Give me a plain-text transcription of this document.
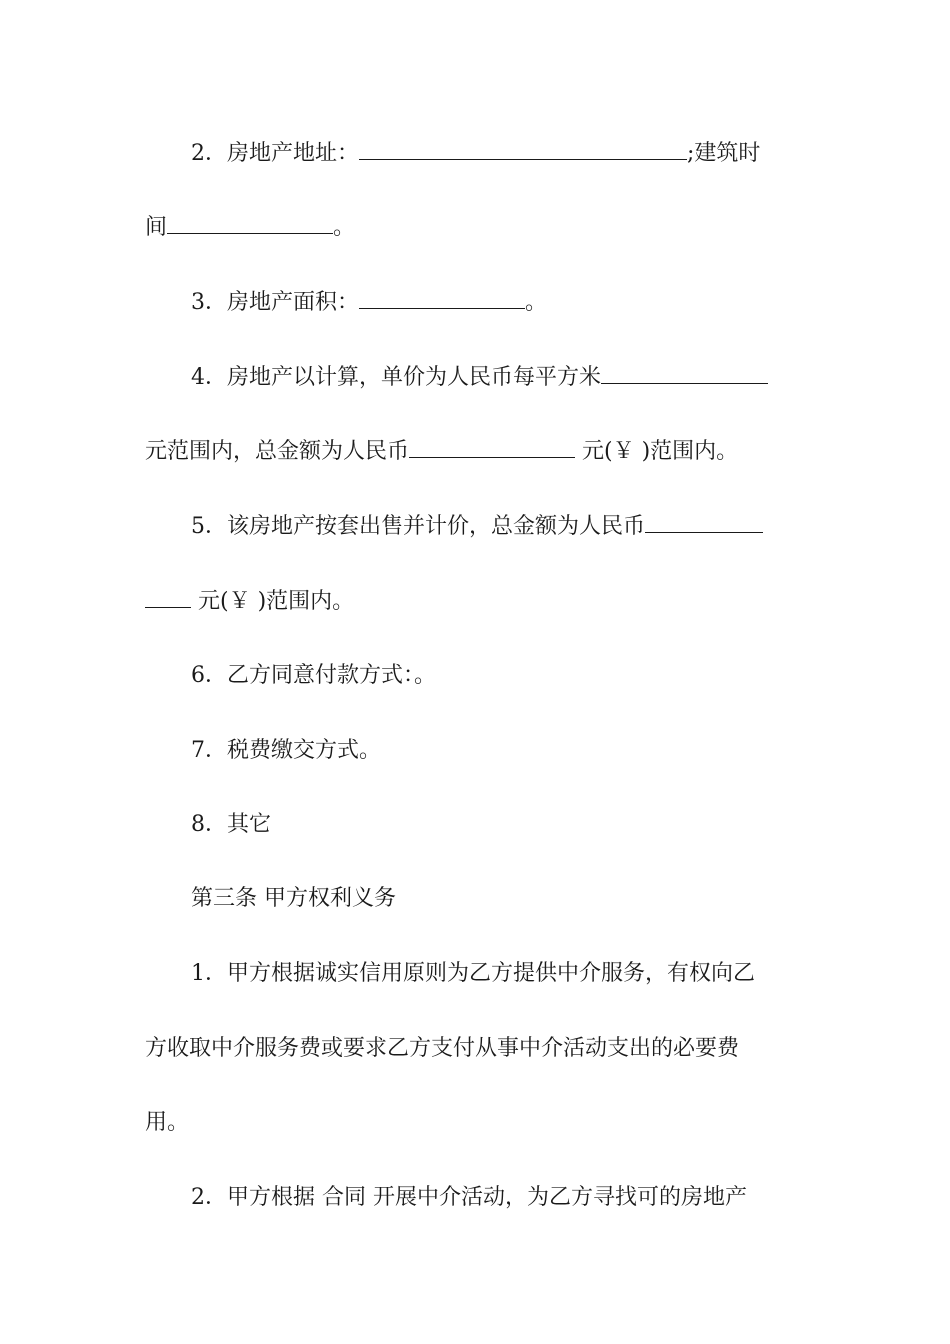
2．房地产地址：	;建筑时
间	。
3．房地产面积：	。
4．房地产以计算，单价为人民币每平方米
元范围内，总金额为人民币	元(￥ )范围内。
5．该房地产按套出售并计价，总金额为人民币
元(￥ )范围内。
6．乙方同意付款方式：。
7．税费缴交方式。
8．其它
第三条 甲方权利义务
1．甲方根据诚实信用原则为乙方提供中介服务，有权向乙
方收取中介服务费或要求乙方支付从事中介活动支出的必要费
用。
2．甲方根据 合同 开展中介活动，为乙方寻找可的房地产
